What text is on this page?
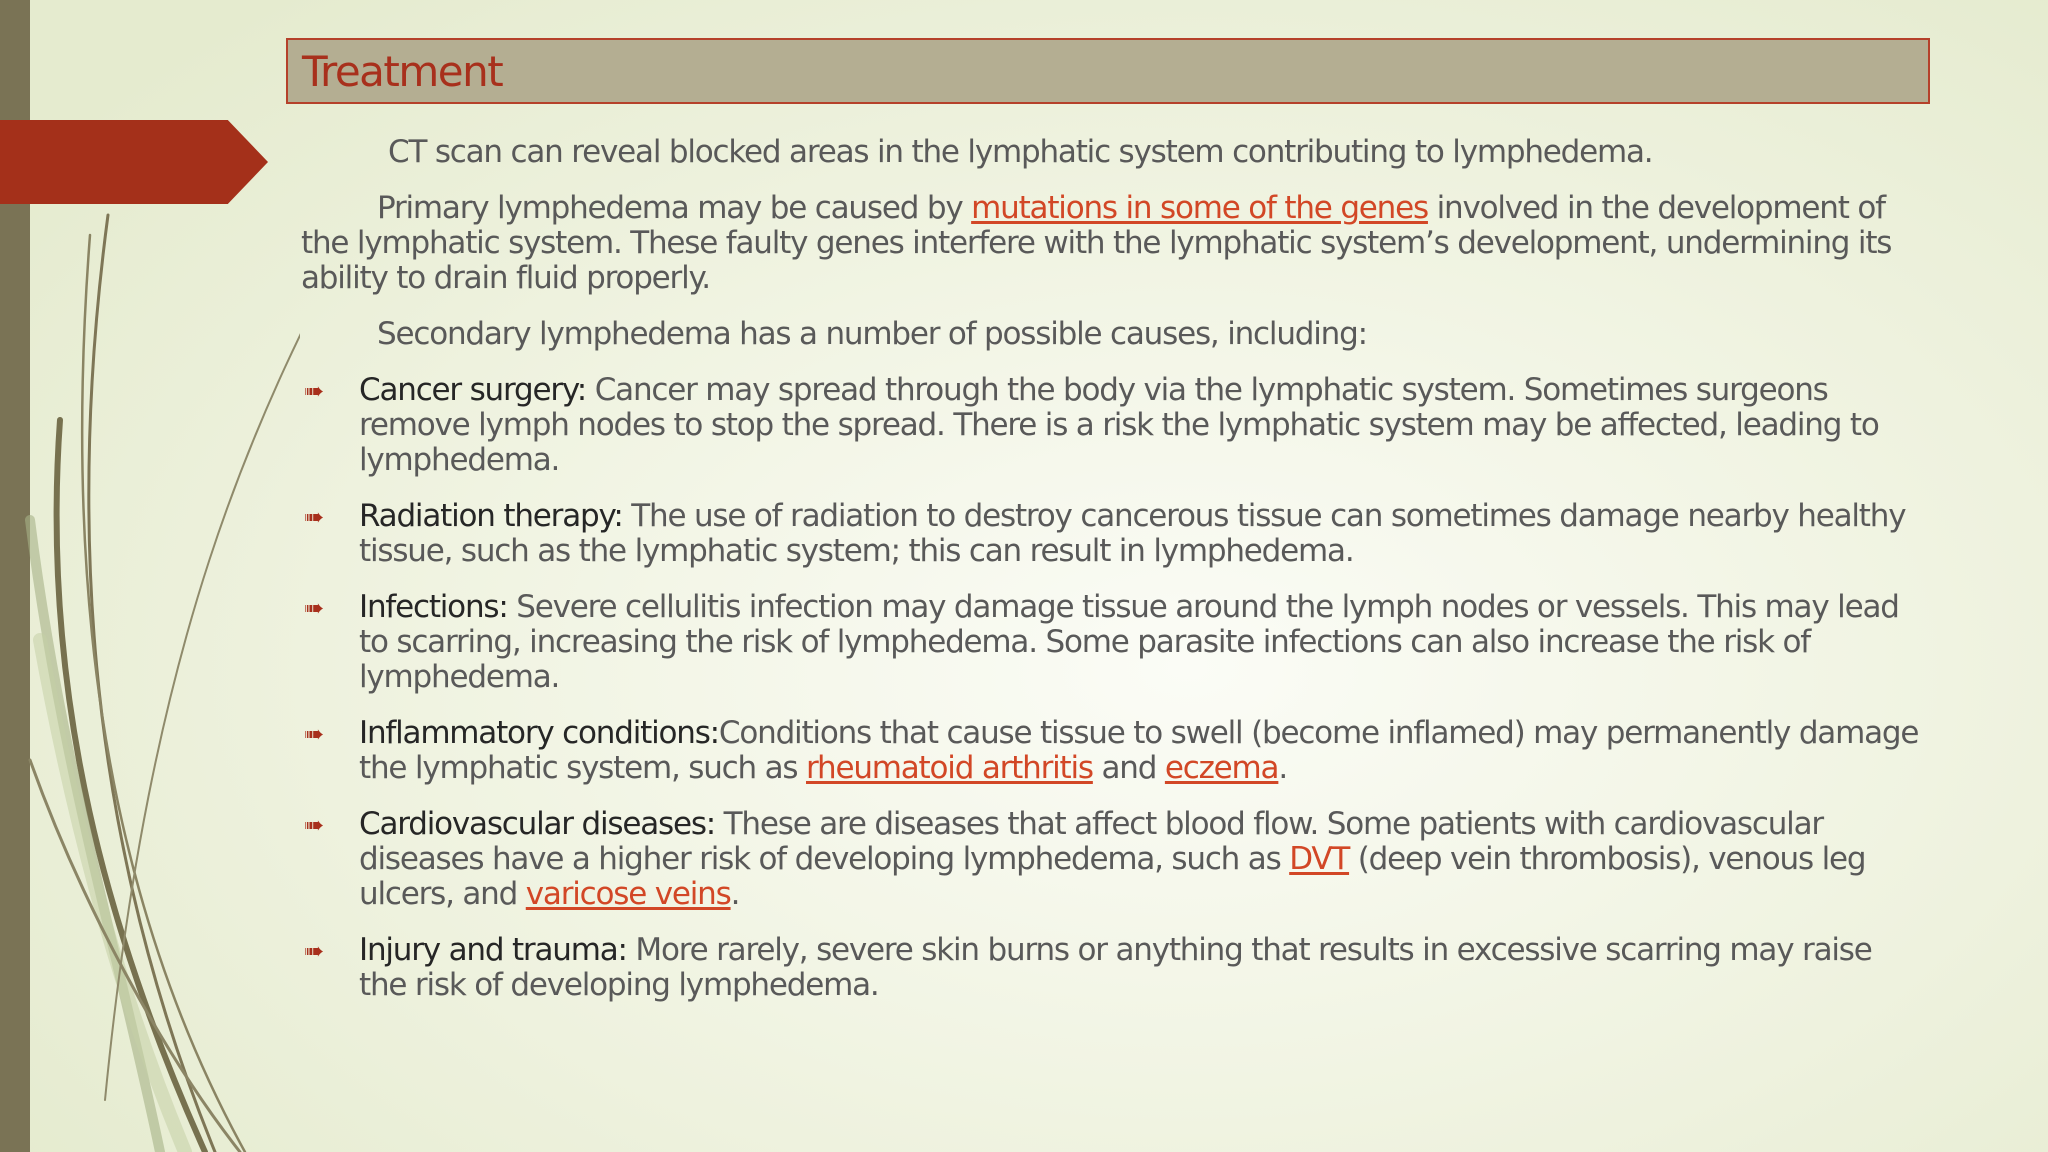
Treatment

CT scan can reveal blocked areas in the lymphatic system contributing to lymphedema.

Primary lymphedema may be caused by mutations in some of the genes involved in the development of the lymphatic system. These faulty genes interfere with the lymphatic system’s development, undermining its ability to drain fluid properly.

Secondary lymphedema has a number of possible causes, including:

➠ Cancer surgery: Cancer may spread through the body via the lymphatic system. Sometimes surgeons remove lymph nodes to stop the spread. There is a risk the lymphatic system may be affected, leading to lymphedema.
➠ Radiation therapy: The use of radiation to destroy cancerous tissue can sometimes damage nearby healthy tissue, such as the lymphatic system; this can result in lymphedema.
➠ Infections: Severe cellulitis infection may damage tissue around the lymph nodes or vessels. This may lead to scarring, increasing the risk of lymphedema. Some parasite infections can also increase the risk of lymphedema.
➠ Inflammatory conditions:Conditions that cause tissue to swell (become inflamed) may permanently damage the lymphatic system, such as rheumatoid arthritis and eczema.
➠ Cardiovascular diseases: These are diseases that affect blood flow. Some patients with cardiovascular diseases have a higher risk of developing lymphedema, such as DVT (deep vein thrombosis), venous leg ulcers, and varicose veins.
➠ Injury and trauma: More rarely, severe skin burns or anything that results in excessive scarring may raise the risk of developing lymphedema.
